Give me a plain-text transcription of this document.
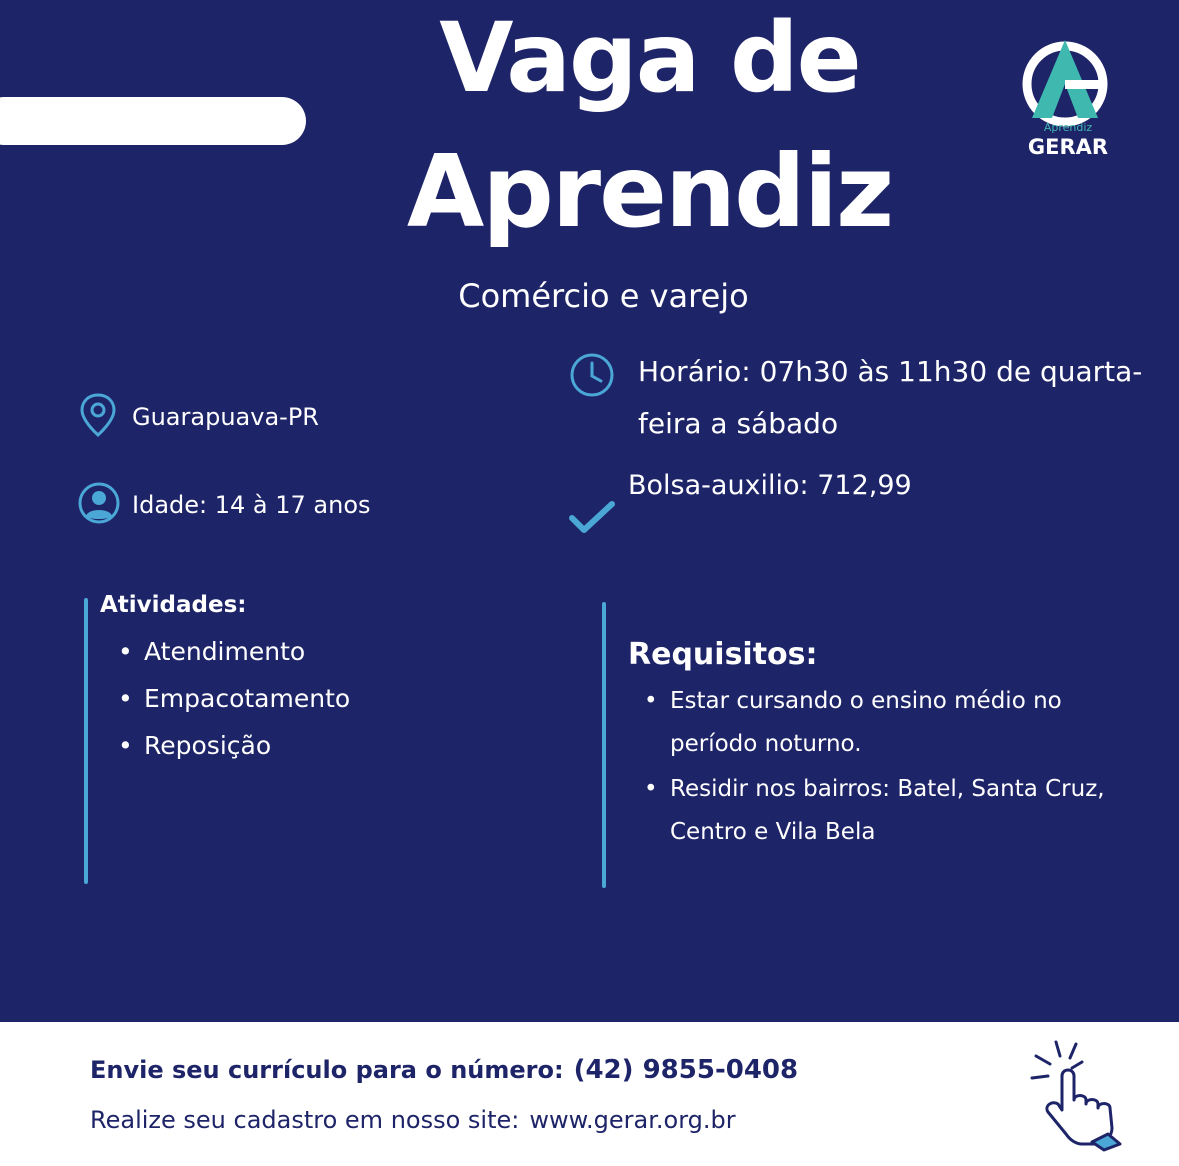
Vaga de
Aprendiz
Comércio e varejo
Aprendiz
GERAR
Guarapuava-PR
Idade: 14 à 17 anos
Horário: 07h30 às 11h30 de quarta-
feira a sábado
Bolsa-auxilio: 712,99
Atividades:
• Atendimento
• Empacotamento
• Reposição
Requisitos:
• Estar cursando o ensino médio no período noturno.
• Residir nos bairros: Batel, Santa Cruz, Centro e Vila Bela
Envie seu currículo para o número: (42) 9855-0408
Realize seu cadastro em nosso site: www.gerar.org.br
